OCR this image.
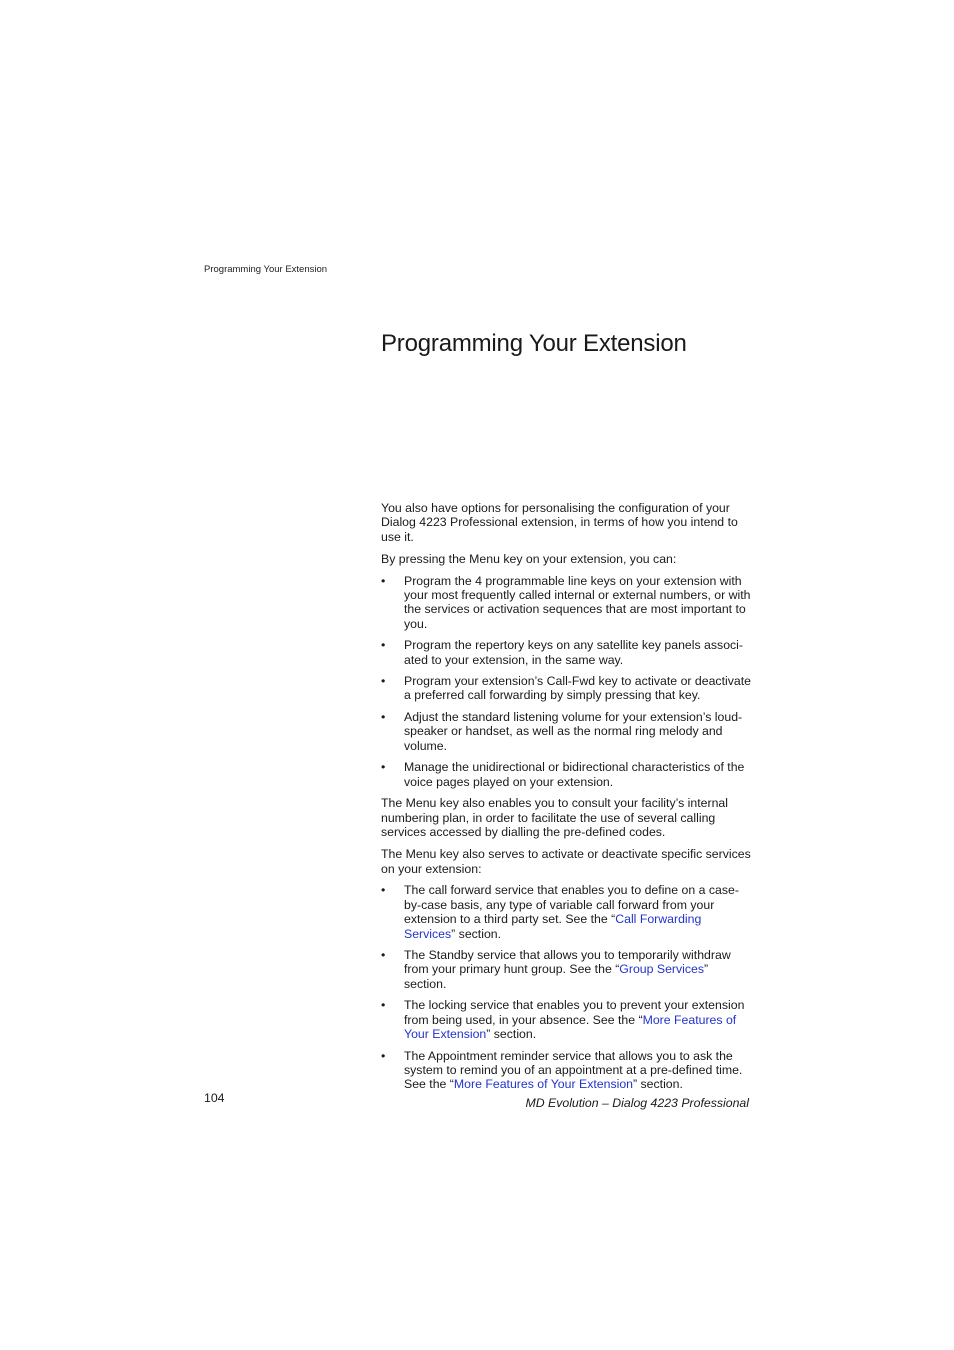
Programming Your Extension
Programming Your Extension

You also have options for personalising the configuration of your Dialog 4223 Professional extension, in terms of how you intend to use it.

By pressing the Menu key on your extension, you can:

• Program the 4 programmable line keys on your extension with your most frequently called internal or external numbers, or with the services or activation sequences that are most important to you.
• Program the repertory keys on any satellite key panels associ-ated to your extension, in the same way.
• Program your extension’s Call-Fwd key to activate or deactivate a preferred call forwarding by simply pressing that key.
• Adjust the standard listening volume for your extension’s loud-speaker or handset, as well as the normal ring melody and volume.
• Manage the unidirectional or bidirectional characteristics of the voice pages played on your extension.

The Menu key also enables you to consult your facility’s internal numbering plan, in order to facilitate the use of several calling services accessed by dialling the pre-defined codes.

The Menu key also serves to activate or deactivate specific services on your extension:

• The call forward service that enables you to define on a case-by-case basis, any type of variable call forward from your extension to a third party set. See the “Call Forwarding Services” section.
• The Standby service that allows you to temporarily withdraw from your primary hunt group. See the “Group Services” section.
• The locking service that enables you to prevent your extension from being used, in your absence. See the “More Features of Your Extension” section.
• The Appointment reminder service that allows you to ask the system to remind you of an appointment at a pre-defined time. See the “More Features of Your Extension” section.
104	MD Evolution – Dialog 4223 Professional
